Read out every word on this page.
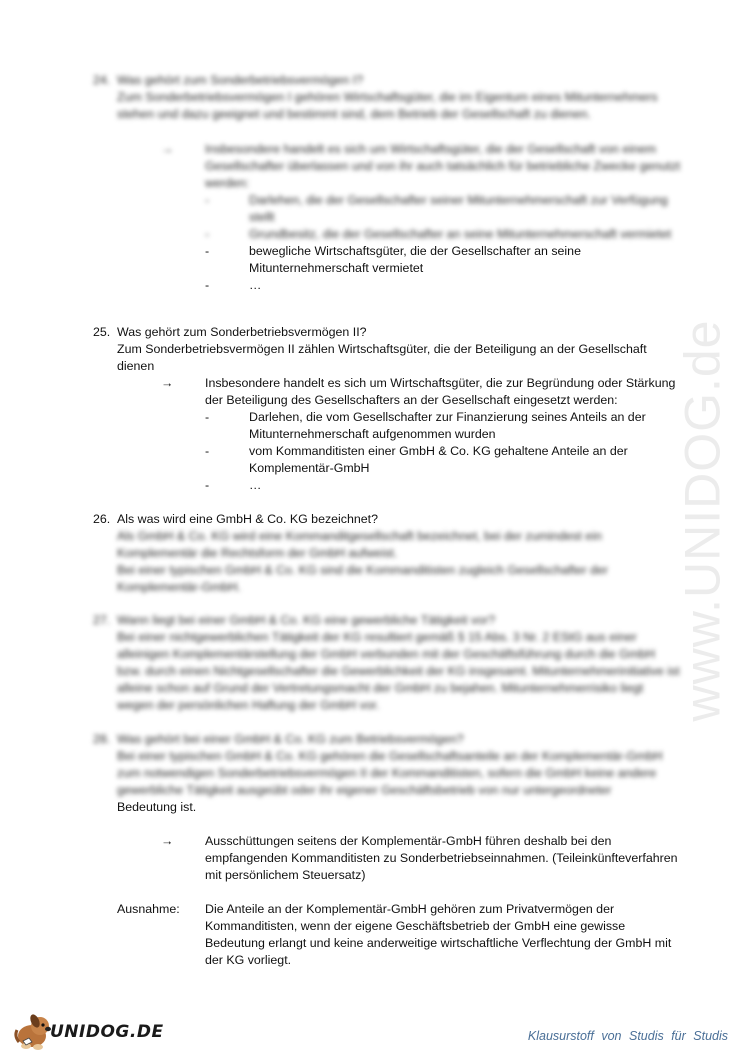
www.UNIDOG.de
24. Was gehört zum Sonderbetriebsvermögen I?
Zum Sonderbetriebsvermögen I gehören Wirtschaftsgüter, die im Eigentum eines Mitunternehmers stehen und dazu geeignet und bestimmt sind, dem Betrieb der Gesellschaft zu dienen.
→	Insbesondere handelt es sich um Wirtschaftsgüter, die der Gesellschaft von einem Gesellschafter überlassen und von ihr auch tatsächlich für betriebliche Zwecke genutzt werden:
-	Darlehen, die der Gesellschafter seiner Mitunternehmerschaft zur Verfügung stellt
-	Grundbesitz, die der Gesellschafter an seine Mitunternehmerschaft vermietet
-	bewegliche Wirtschaftsgüter, die der Gesellschafter an seine Mitunternehmerschaft vermietet
-	…
25. Was gehört zum Sonderbetriebsvermögen II?
Zum Sonderbetriebsvermögen II zählen Wirtschaftsgüter, die der Beteiligung an der Gesellschaft dienen
→	Insbesondere handelt es sich um Wirtschaftsgüter, die zur Begründung oder Stärkung der Beteiligung des Gesellschafters an der Gesellschaft eingesetzt werden:
-	Darlehen, die vom Gesellschafter zur Finanzierung seines Anteils an der Mitunternehmerschaft aufgenommen wurden
-	vom Kommanditisten einer GmbH & Co. KG gehaltene Anteile an der Komplementär-GmbH
-	…
26. Als was wird eine GmbH & Co. KG bezeichnet?
Als GmbH & Co. KG wird eine Kommanditgesellschaft bezeichnet, bei der zumindest ein Komplementär die Rechtsform der GmbH aufweist.
Bei einer typischen GmbH & Co. KG sind die Kommanditisten zugleich Gesellschafter der Komplementär-GmbH.
27. Wann liegt bei einer GmbH & Co. KG eine gewerbliche Tätigkeit vor?
Bei einer nichtgewerblichen Tätigkeit der KG resultiert gemäß § 15 Abs. 3 Nr. 2 EStG aus einer alleinigen Komplementärstellung der GmbH verbunden mit der Geschäftsführung durch die GmbH bzw. durch einen Nichtgesellschafter die Gewerblichkeit der KG insgesamt. Mitunternehmerinitiative ist alleine schon auf Grund der Vertretungsmacht der GmbH zu bejahen. Mitunternehmerrisiko liegt wegen der persönlichen Haftung der GmbH vor.
28. Was gehört bei einer GmbH & Co. KG zum Betriebsvermögen?
Bei einer typischen GmbH & Co. KG gehören die Gesellschaftsanteile an der Komplementär-GmbH zum notwendigen Sonderbetriebsvermögen II der Kommanditisten, sofern die GmbH keine andere gewerbliche Tätigkeit ausgeübt oder ihr eigener Geschäftsbetrieb von nur untergeordneter
Bedeutung ist.
→	Ausschüttungen seitens der Komplementär-GmbH führen deshalb bei den empfangenden Kommanditisten zu Sonderbetriebseinnahmen. (Teileinkünfteverfahren mit persönlichem Steuersatz)
Ausnahme: Die Anteile an der Komplementär-GmbH gehören zum Privatvermögen der Kommanditisten, wenn der eigene Geschäftsbetrieb der GmbH eine gewisse Bedeutung erlangt und keine anderweitige wirtschaftliche Verflechtung der GmbH mit der KG vorliegt.
UNIDOG.DE	Klausurstoff von Studis für Studis
